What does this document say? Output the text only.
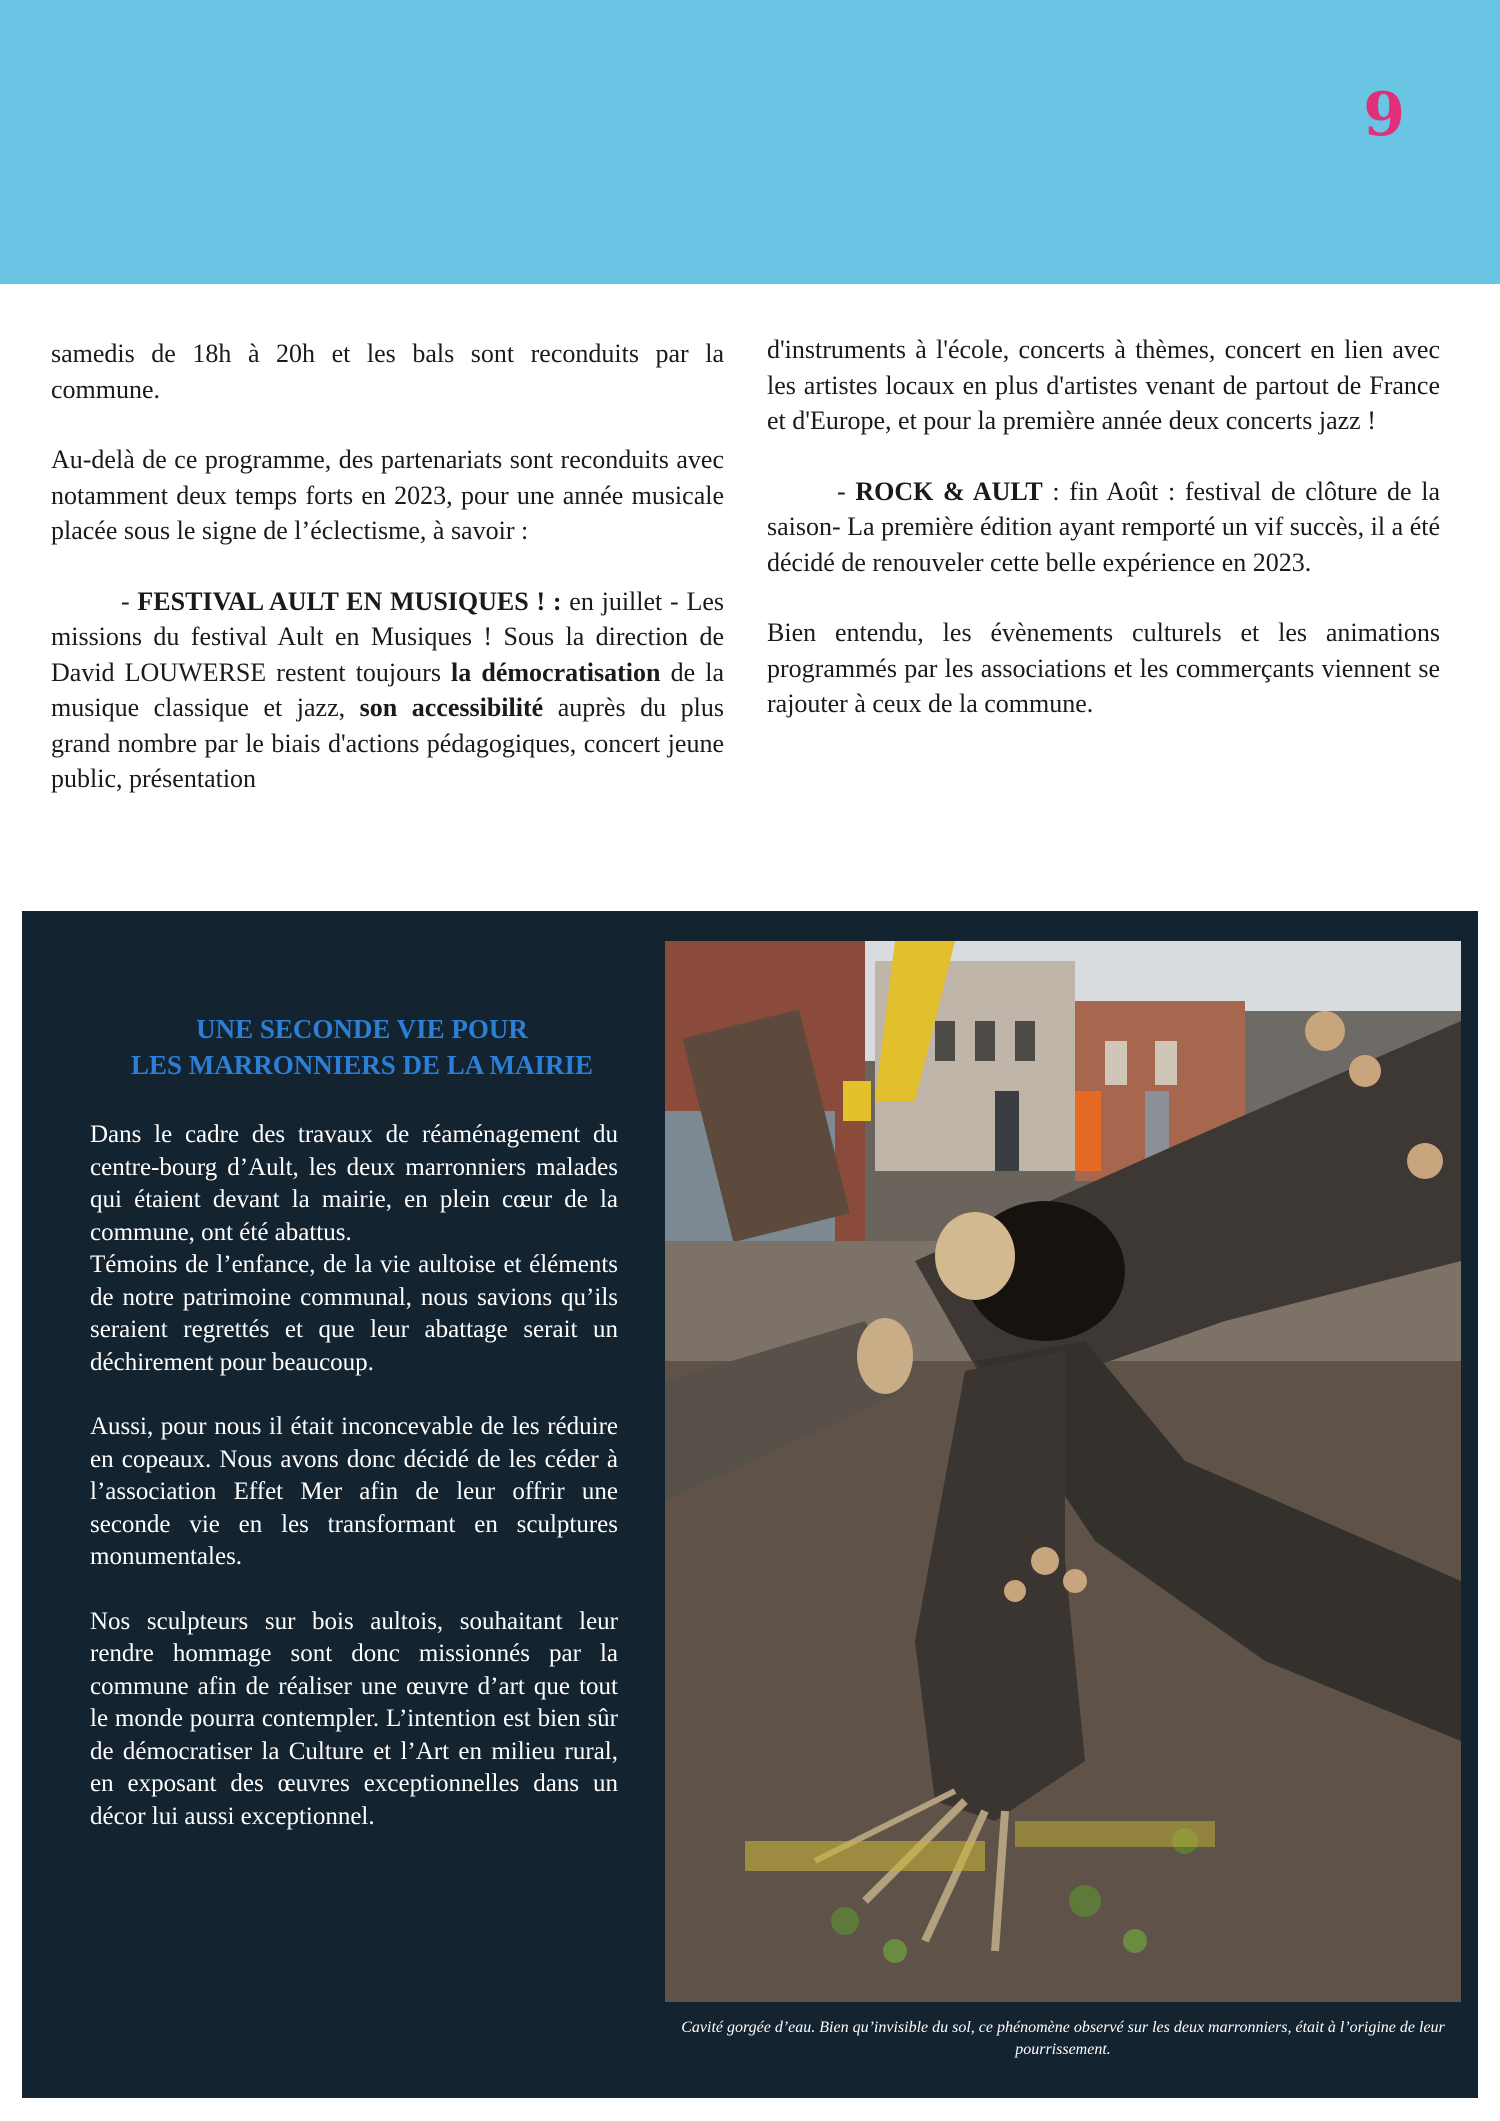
9

samedis de 18h à 20h et les bals sont reconduits par la commune.

Au-delà de ce programme, des partenariats sont reconduits avec notamment deux temps forts en 2023, pour une année musicale placée sous le signe de l’éclectisme, à savoir :

- FESTIVAL AULT EN MUSIQUES ! : en juillet - Les missions du festival Ault en Musiques ! Sous la direction de David LOUWERSE restent toujours la démocratisation de la musique classique et jazz, son accessibilité auprès du plus grand nombre par le biais d'actions pédagogiques, concert jeune public, présentation

d'instruments à l'école, concerts à thèmes, concert en lien avec les artistes locaux en plus d'artistes venant de partout de France et d'Europe, et pour la première année deux concerts jazz !

- ROCK & AULT : fin Août : festival de clôture de la saison- La première édition ayant remporté un vif succès, il a été décidé de renouveler cette belle expérience en 2023.

Bien entendu, les évènements culturels et les animations programmés par les associations et les commerçants viennent se rajouter à ceux de la commune.

UNE SECONDE VIE POUR
LES MARRONNIERS DE LA MAIRIE

Dans le cadre des travaux de réaménagement du centre-bourg d’Ault, les deux marronniers malades qui étaient devant la mairie, en plein cœur de la commune, ont été abattus.
Témoins de l’enfance, de la vie aultoise et éléments de notre patrimoine communal, nous savions qu’ils seraient regrettés et que leur abattage serait un déchirement pour beaucoup.

Aussi, pour nous il était inconcevable de les réduire en copeaux. Nous avons donc décidé de les céder à l’association Effet Mer afin de leur offrir une seconde vie en les transformant en sculptures monumentales.

Nos sculpteurs sur bois aultois, souhaitant leur rendre hommage sont donc missionnés par la commune afin de réaliser une œuvre d’art que tout le monde pourra contempler. L’intention est bien sûr de démocratiser la Culture et l’Art en milieu rural, en exposant des œuvres exceptionnelles dans un décor lui aussi exceptionnel.

Cavité gorgée d’eau. Bien qu’invisible du sol, ce phénomène observé sur les deux marronniers, était à l’origine de leur pourrissement.
